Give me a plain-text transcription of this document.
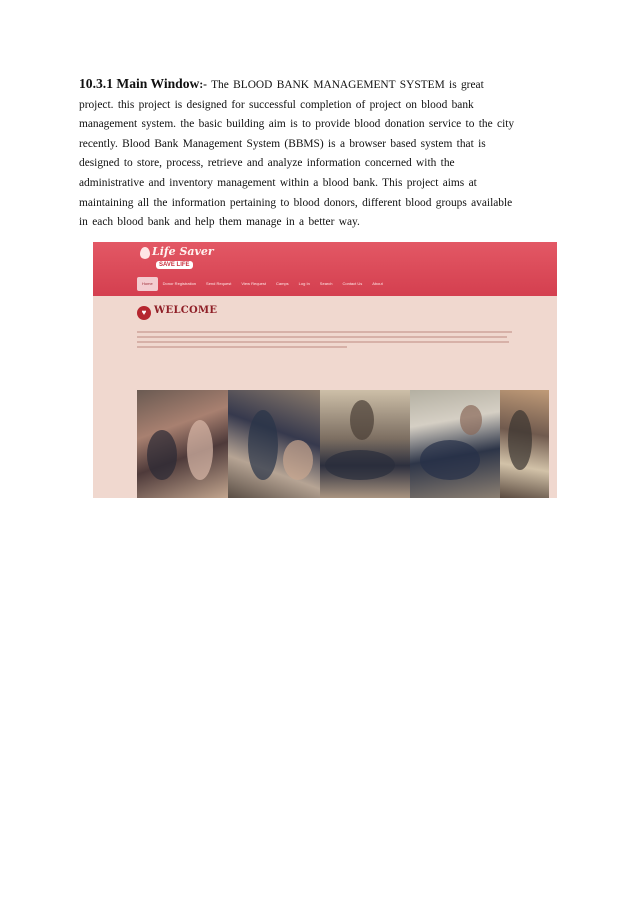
10.3.1 Main Window:- The BLOOD BANK MANAGEMENT SYSTEM is great
project. this project is designed for successful completion of project on blood bank
management system. the basic building aim is to provide blood donation service to the city
recently. Blood Bank Management System (BBMS) is a browser based system that is
designed to store, process, retrieve and analyze information concerned with the
administrative and inventory management within a blood bank. This project aims at
maintaining all the information pertaining to blood donors, different blood groups available
in each blood bank and help them manage in a better way.
Life Saver
SAVE LIFE
Home	Donor Registration	Send Request	View Request	Camps	Log In	Search	Contact Us	About
♥ WELCOME
